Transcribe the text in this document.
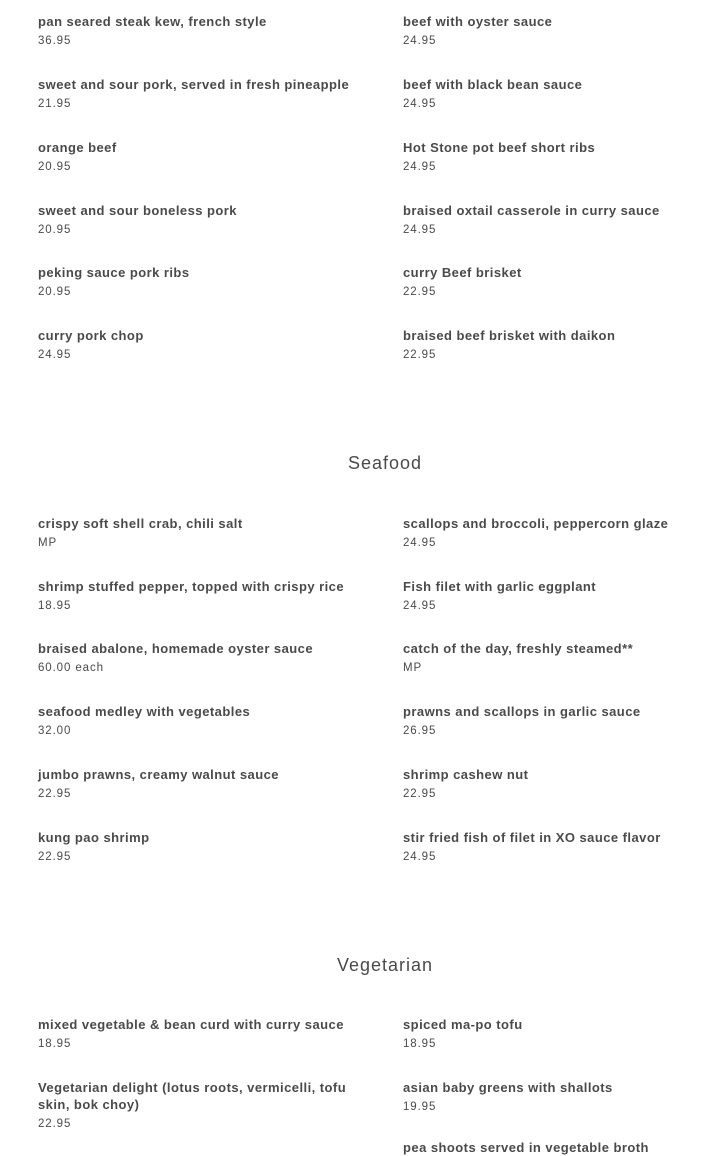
pan seared steak kew, french style
36.95
beef with oyster sauce
24.95
sweet and sour pork, served in fresh pineapple
21.95
beef with black bean sauce
24.95
orange beef
20.95
Hot Stone pot beef short ribs
24.95
sweet and sour boneless pork
20.95
braised oxtail casserole in curry sauce
24.95
peking sauce pork ribs
20.95
curry Beef brisket
22.95
curry pork chop
24.95
braised beef brisket with daikon
22.95
Seafood
crispy soft shell crab, chili salt
MP
scallops and broccoli, peppercorn glaze
24.95
shrimp stuffed pepper, topped with crispy rice
18.95
Fish filet with garlic eggplant
24.95
braised abalone, homemade oyster sauce
60.00 each
catch of the day, freshly steamed**
MP
seafood medley with vegetables
32.00
prawns and scallops in garlic sauce
26.95
jumbo prawns, creamy walnut sauce
22.95
shrimp cashew nut
22.95
kung pao shrimp
22.95
stir fried fish of filet in XO sauce flavor
24.95
Vegetarian
mixed vegetable & bean curd with curry sauce
18.95
spiced ma-po tofu
18.95
Vegetarian delight (lotus roots, vermicelli, tofu skin, bok choy)
22.95
asian baby greens with shallots
19.95
pea shoots served in vegetable broth
